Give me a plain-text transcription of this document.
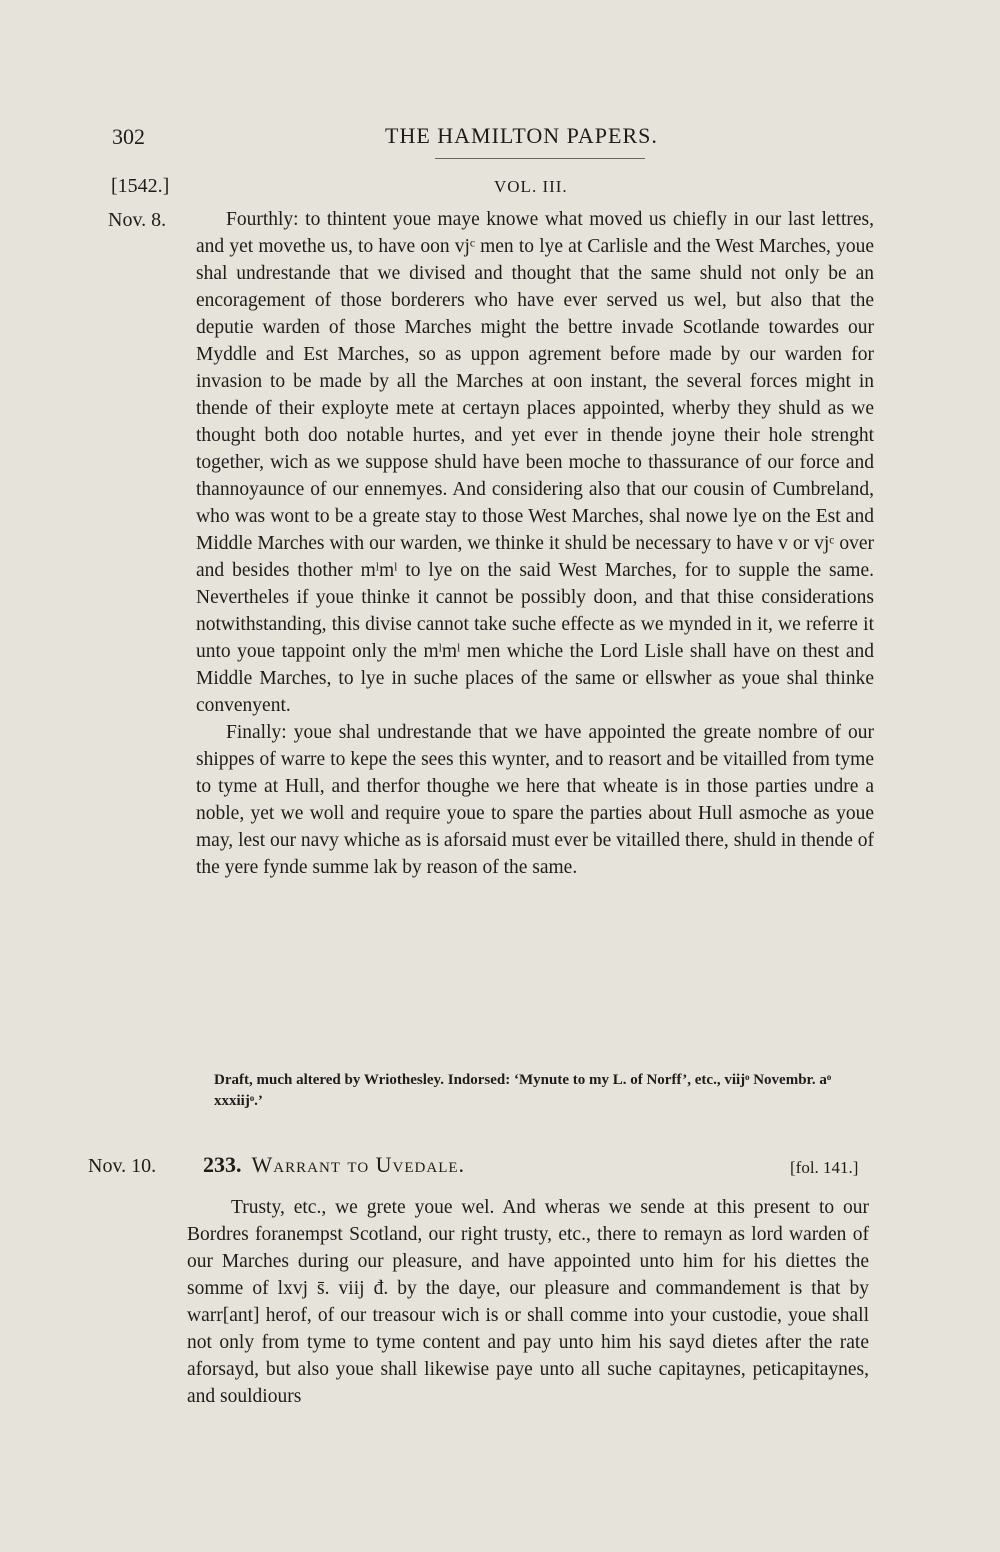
302	THE HAMILTON PAPERS.
[1542.]	VOL. III.
Nov. 8.	Fourthly: to thintent youe maye knowe what moved us chiefly in our last lettres, and yet movethe us, to have oon vjᶜ men to lye at Carlisle and the West Marches, youe shal undrestande that we divised and thought that the same shuld not only be an encoragement of those borderers who have ever served us wel, but also that the deputie warden of those Marches might the bettre invade Scotlande towardes our Myddle and Est Marches, so as uppon agrement before made by our warden for invasion to be made by all the Marches at oon instant, the several forces might in thende of their exployte mete at certayn places appointed, wherby they shuld as we thought both doo notable hurtes, and yet ever in thende joyne their hole strenght together, wich as we suppose shuld have been moche to thassurance of our force and thannoyaunce of our ennemyes. And considering also that our cousin of Cumbreland, who was wont to be a greate stay to those West Marches, shal nowe lye on the Est and Middle Marches with our warden, we thinke it shuld be necessary to have v or vjᶜ over and besides thother mˡmˡ to lye on the said West Marches, for to supple the same. Nevertheles if youe thinke it cannot be possibly doon, and that thise considerations notwithstanding, this divise cannot take suche effecte as we mynded in it, we referre it unto youe tappoint only the mˡmˡ men whiche the Lord Lisle shall have on thest and Middle Marches, to lye in suche places of the same or ellswher as youe shal thinke convenyent.

Finally: youe shal undrestande that we have appointed the greate nombre of our shippes of warre to kepe the sees this wynter, and to reasort and be vitailled from tyme to tyme at Hull, and therfor thoughe we here that wheate is in those parties undre a noble, yet we woll and require youe to spare the parties about Hull asmoche as youe may, lest our navy whiche as is aforsaid must ever be vitailled there, shuld in thende of the yere fynde summe lak by reason of the same.

Draft, much altered by Wriothesley. Indorsed: ‘Mynute to my L. of Norff’, etc., viijᵒ Novembr. aᵒ xxxiijᵒ.’
Nov. 10. 233. Warrant to Uvedale.	[fol. 141.]

Trusty, etc., we grete youe wel. And wheras we sende at this present to our Bordres foranempst Scotland, our right trusty, etc., there to remayn as lord warden of our Marches during our pleasure, and have appointed unto him for his diettes the somme of lxvj s̄. viij đ. by the daye, our pleasure and commandement is that by warr[ant] herof, of our treasour wich is or shall comme into your custodie, youe shall not only from tyme to tyme content and pay unto him his sayd dietes after the rate aforsayd, but also youe shall likewise paye unto all suche capitaynes, peticapitaynes, and souldiours
